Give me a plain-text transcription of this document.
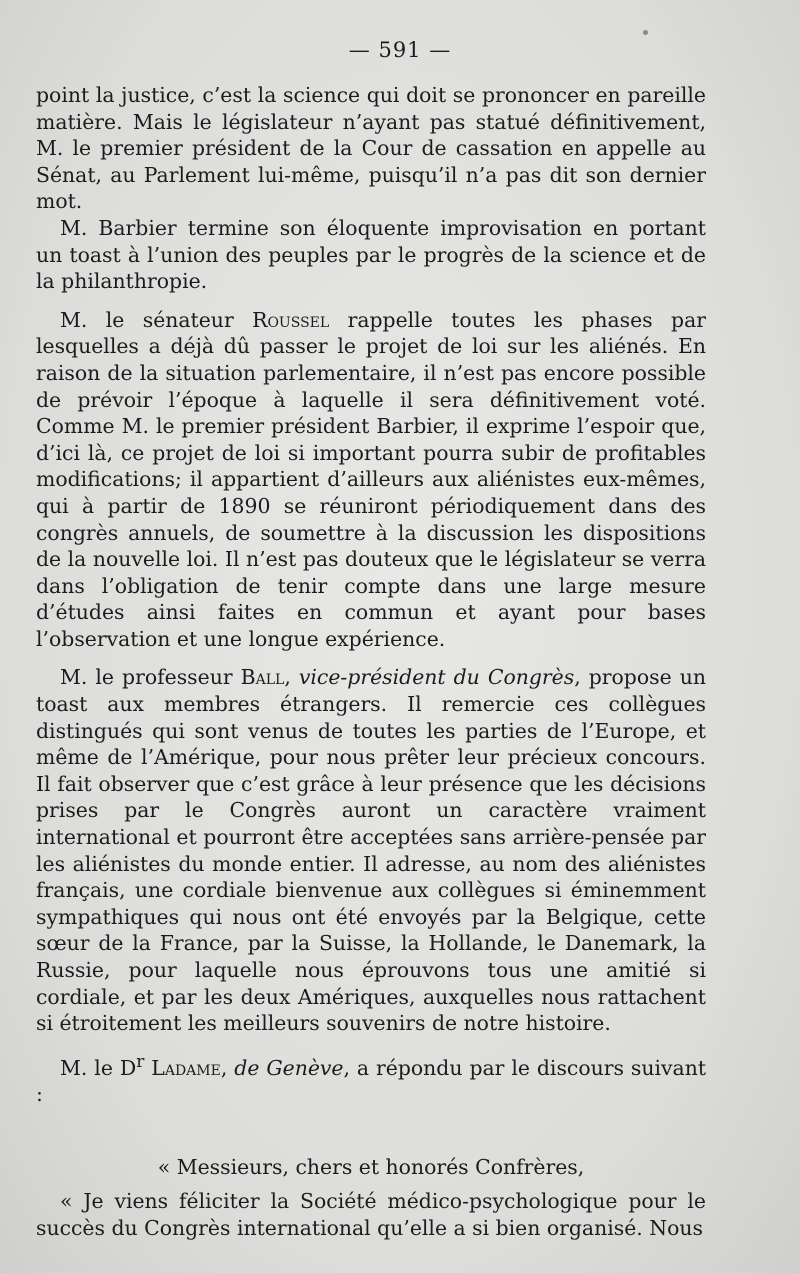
— 591 —

point la justice, c’est la science qui doit se prononcer en pareille matière. Mais le législateur n’ayant pas statué définitivement, M. le premier président de la Cour de cassation en appelle au Sénat, au Parlement lui-même, puisqu’il n’a pas dit son dernier mot.

M. Barbier termine son éloquente improvisation en portant un toast à l’union des peuples par le progrès de la science et de la philanthropie.

M. le sénateur Roussel rappelle toutes les phases par lesquelles a déjà dû passer le projet de loi sur les aliénés. En raison de la situation parlementaire, il n’est pas encore possible de prévoir l’époque à laquelle il sera définitivement voté. Comme M. le premier président Barbier, il exprime l’espoir que, d’ici là, ce projet de loi si important pourra subir de profitables modifications; il appartient d’ailleurs aux aliénistes eux-mêmes, qui à partir de 1890 se réuniront périodiquement dans des congrès annuels, de soumettre à la discussion les dispositions de la nouvelle loi. Il n’est pas douteux que le législateur se verra dans l’obligation de tenir compte dans une large mesure d’études ainsi faites en commun et ayant pour bases l’observation et une longue expérience.

M. le professeur Ball, vice-président du Congrès, propose un toast aux membres étrangers. Il remercie ces collègues distingués qui sont venus de toutes les parties de l’Europe, et même de l’Amérique, pour nous prêter leur précieux concours. Il fait observer que c’est grâce à leur présence que les décisions prises par le Congrès auront un caractère vraiment international et pourront être acceptées sans arrière-pensée par les aliénistes du monde entier. Il adresse, au nom des aliénistes français, une cordiale bienvenue aux collègues si éminemment sympathiques qui nous ont été envoyés par la Belgique, cette sœur de la France, par la Suisse, la Hollande, le Danemark, la Russie, pour laquelle nous éprouvons tous une amitié si cordiale, et par les deux Amériques, auxquelles nous rattachent si étroitement les meilleurs souvenirs de notre histoire.

M. le $D^r$ Ladame, de Genève, a répondu par le discours suivant :

« Messieurs, chers et honorés Confrères,

« Je viens féliciter la Société médico-psychologique pour le succès du Congrès international qu’elle a si bien organisé. Nous
